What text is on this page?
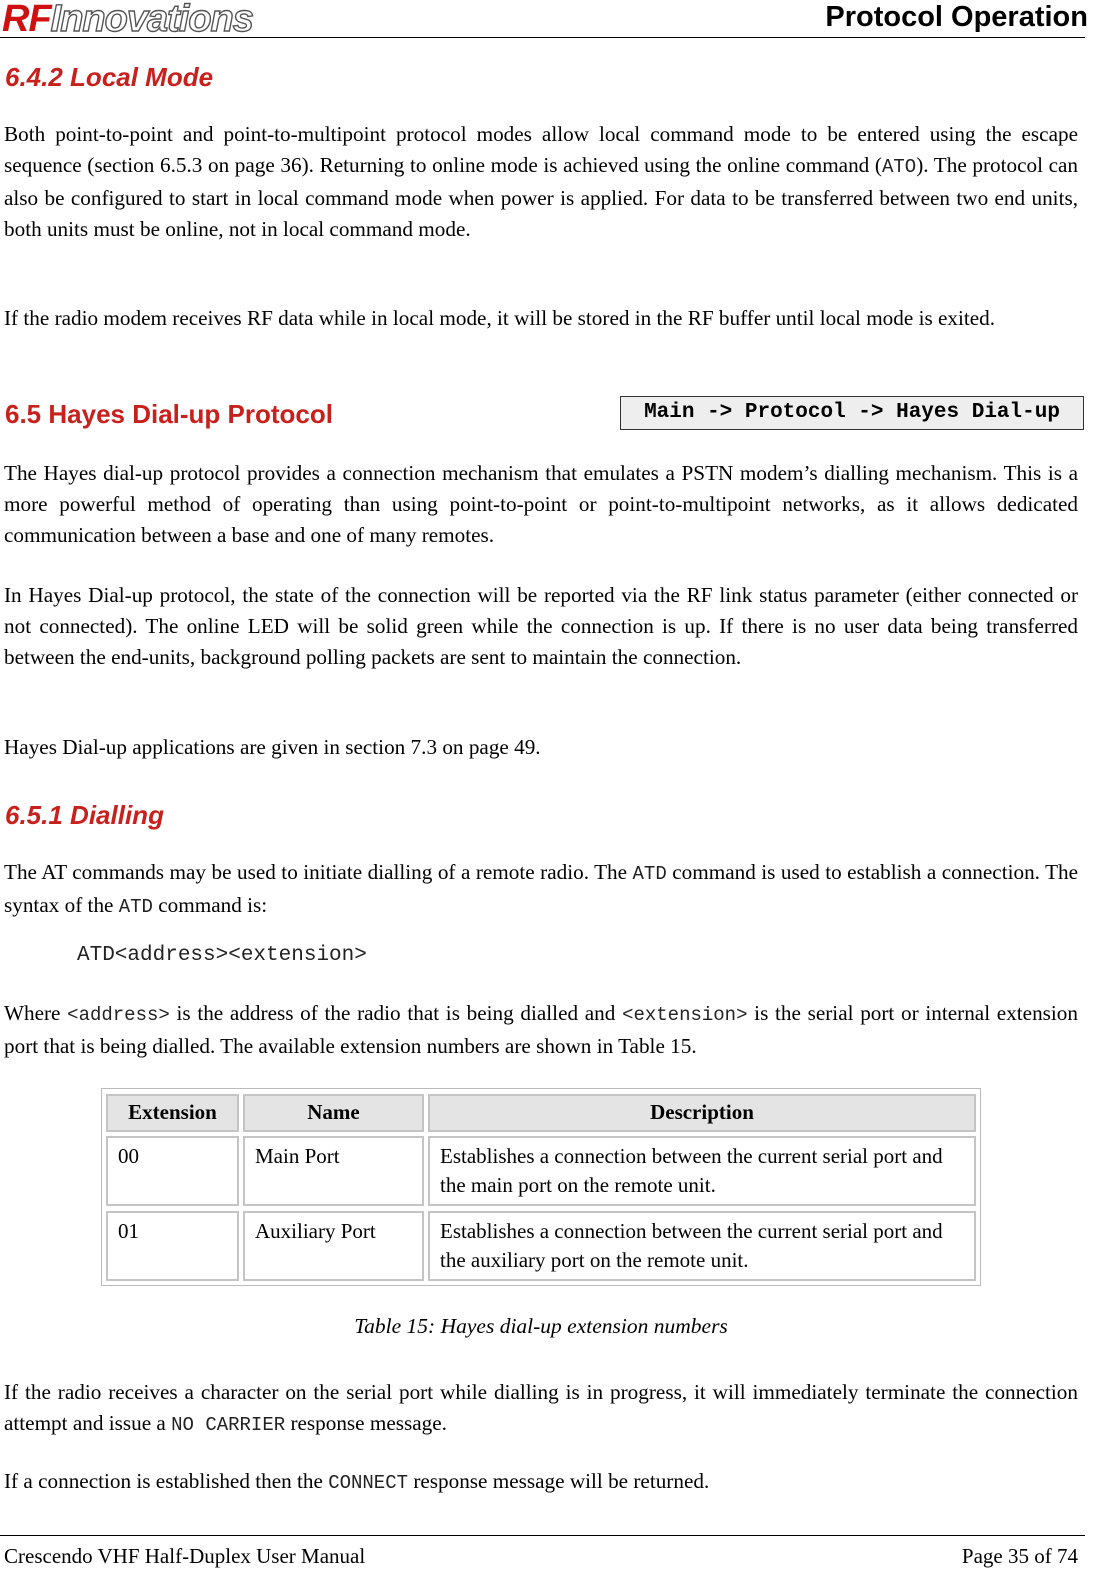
RFInnovations	Protocol Operation
6.4.2 Local Mode
Both point-to-point and point-to-multipoint protocol modes allow local command mode to be entered using the escape sequence (section 6.5.3 on page 36). Returning to online mode is achieved using the online command (ATO). The protocol can also be configured to start in local command mode when power is applied. For data to be transferred between two end units, both units must be online, not in local command mode.
If the radio modem receives RF data while in local mode, it will be stored in the RF buffer until local mode is exited.
6.5 Hayes Dial-up Protocol	Main -> Protocol -> Hayes Dial-up
The Hayes dial-up protocol provides a connection mechanism that emulates a PSTN modem’s dialling mechanism. This is a more powerful method of operating than using point-to-point or point-to-multipoint networks, as it allows dedicated communication between a base and one of many remotes.
In Hayes Dial-up protocol, the state of the connection will be reported via the RF link status parameter (either connected or not connected). The online LED will be solid green while the connection is up. If there is no user data being transferred between the end-units, background polling packets are sent to maintain the connection.
Hayes Dial-up applications are given in section 7.3 on page 49.
6.5.1 Dialling
The AT commands may be used to initiate dialling of a remote radio. The ATD command is used to establish a connection. The syntax of the ATD command is:
ATD<address><extension>
Where <address> is the address of the radio that is being dialled and <extension> is the serial port or internal extension port that is being dialled. The available extension numbers are shown in Table 15.
Extension	Name	Description
00	Main Port	Establishes a connection between the current serial port and the main port on the remote unit.
01	Auxiliary Port	Establishes a connection between the current serial port and the auxiliary port on the remote unit.
Table 15: Hayes dial-up extension numbers
If the radio receives a character on the serial port while dialling is in progress, it will immediately terminate the connection attempt and issue a NO CARRIER response message.
If a connection is established then the CONNECT response message will be returned.
Crescendo VHF Half-Duplex User Manual	Page 35 of 74
